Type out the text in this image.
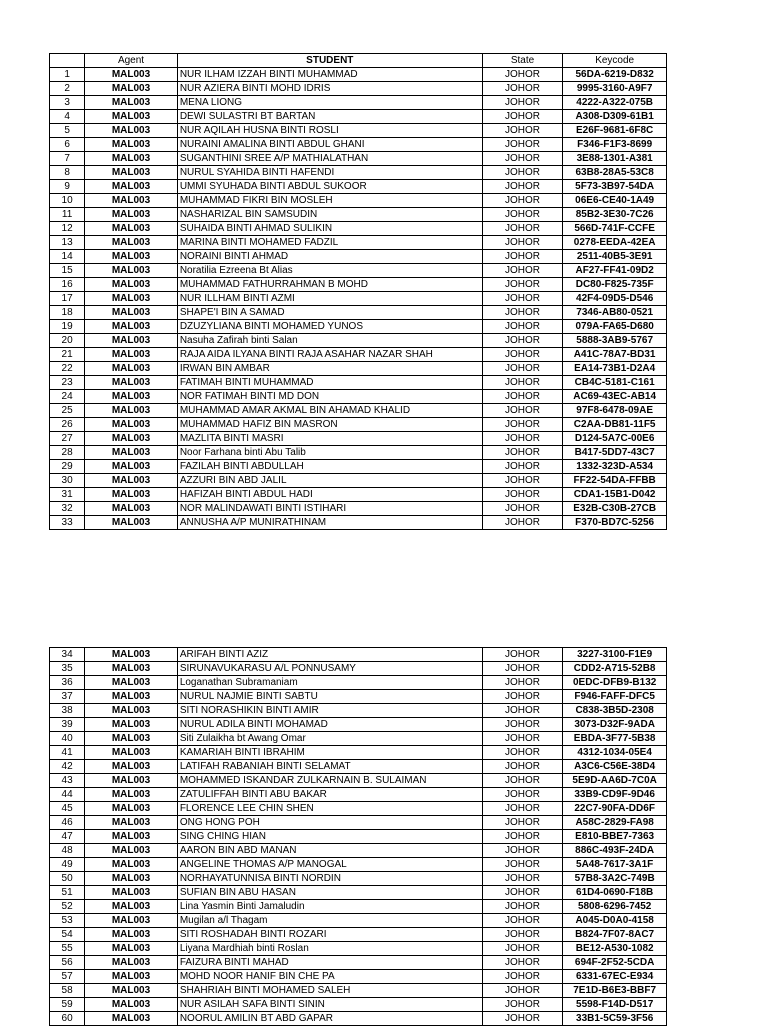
	Agent	STUDENT	State	Keycode
1	MAL003	NUR ILHAM IZZAH BINTI MUHAMMAD	JOHOR	56DA-6219-D832
2	MAL003	NUR AZIERA BINTI MOHD IDRIS	JOHOR	9995-3160-A9F7
3	MAL003	MENA LIONG	JOHOR	4222-A322-075B
4	MAL003	DEWI SULASTRI BT BARTAN	JOHOR	A308-D309-61B1
5	MAL003	NUR AQILAH HUSNA BINTI ROSLI	JOHOR	E26F-9681-6F8C
6	MAL003	NURAINI AMALINA BINTI ABDUL GHANI	JOHOR	F346-F1F3-8699
7	MAL003	SUGANTHINI SREE A/P MATHIALATHAN	JOHOR	3E88-1301-A381
8	MAL003	NURUL SYAHIDA BINTI HAFENDI	JOHOR	63B8-28A5-53C8
9	MAL003	UMMI SYUHADA BINTI ABDUL SUKOOR	JOHOR	5F73-3B97-54DA
10	MAL003	MUHAMMAD FIKRI BIN MOSLEH	JOHOR	06E6-CE40-1A49
11	MAL003	NASHARIZAL BIN SAMSUDIN	JOHOR	85B2-3E30-7C26
12	MAL003	SUHAIDA BINTI AHMAD SULIKIN	JOHOR	566D-741F-CCFE
13	MAL003	MARINA BINTI MOHAMED FADZIL	JOHOR	0278-EEDA-42EA
14	MAL003	NORAINI BINTI AHMAD	JOHOR	2511-40B5-3E91
15	MAL003	Noratilia Ezreena Bt Alias	JOHOR	AF27-FF41-09D2
16	MAL003	MUHAMMAD FATHURRAHMAN B MOHD	JOHOR	DC80-F825-735F
17	MAL003	NUR ILLHAM BINTI AZMI	JOHOR	42F4-09D5-D546
18	MAL003	SHAPE'I BIN A SAMAD	JOHOR	7346-AB80-0521
19	MAL003	DZUZYLIANA BINTI MOHAMED YUNOS	JOHOR	079A-FA65-D680
20	MAL003	Nasuha Zafirah binti Salan	JOHOR	5888-3AB9-5767
21	MAL003	RAJA AIDA ILYANA BINTI RAJA ASAHAR NAZAR SHAH	JOHOR	A41C-78A7-BD31
22	MAL003	IRWAN BIN AMBAR	JOHOR	EA14-73B1-D2A4
23	MAL003	FATIMAH BINTI MUHAMMAD	JOHOR	CB4C-5181-C161
24	MAL003	NOR FATIMAH BINTI MD DON	JOHOR	AC69-43EC-AB14
25	MAL003	MUHAMMAD AMAR AKMAL BIN AHAMAD KHALID	JOHOR	97F8-6478-09AE
26	MAL003	MUHAMMAD HAFIZ BIN MASRON	JOHOR	C2AA-DB81-11F5
27	MAL003	MAZLITA BINTI MASRI	JOHOR	D124-5A7C-00E6
28	MAL003	Noor Farhana binti Abu Talib	JOHOR	B417-5DD7-43C7
29	MAL003	FAZILAH BINTI ABDULLAH	JOHOR	1332-323D-A534
30	MAL003	AZZURI BIN ABD JALIL	JOHOR	FF22-54DA-FFBB
31	MAL003	HAFIZAH BINTI ABDUL HADI	JOHOR	CDA1-15B1-D042
32	MAL003	NOR MALINDAWATI BINTI ISTIHARI	JOHOR	E32B-C30B-27CB
33	MAL003	ANNUSHA A/P MUNIRATHINAM	JOHOR	F370-BD7C-5256
34	MAL003	ARIFAH BINTI AZIZ	JOHOR	3227-3100-F1E9
35	MAL003	SIRUNAVUKARASU A/L PONNUSAMY	JOHOR	CDD2-A715-52B8
36	MAL003	Loganathan Subramaniam	JOHOR	0EDC-DFB9-B132
37	MAL003	NURUL NAJMIE BINTI SABTU	JOHOR	F946-FAFF-DFC5
38	MAL003	SITI NORASHIKIN BINTI AMIR	JOHOR	C838-3B5D-2308
39	MAL003	NURUL ADILA BINTI MOHAMAD	JOHOR	3073-D32F-9ADA
40	MAL003	Siti Zulaikha bt Awang Omar	JOHOR	EBDA-3F77-5B38
41	MAL003	KAMARIAH BINTI IBRAHIM	JOHOR	4312-1034-05E4
42	MAL003	LATIFAH RABANIAH BINTI SELAMAT	JOHOR	A3C6-C56E-38D4
43	MAL003	MOHAMMED ISKANDAR ZULKARNAIN B. SULAIMAN	JOHOR	5E9D-AA6D-7C0A
44	MAL003	ZATULIFFAH BINTI ABU BAKAR	JOHOR	33B9-CD9F-9D46
45	MAL003	FLORENCE LEE CHIN SHEN	JOHOR	22C7-90FA-DD6F
46	MAL003	ONG HONG POH	JOHOR	A58C-2829-FA98
47	MAL003	SING CHING HIAN	JOHOR	E810-BBE7-7363
48	MAL003	AARON BIN ABD MANAN	JOHOR	886C-493F-24DA
49	MAL003	ANGELINE THOMAS A/P MANOGAL	JOHOR	5A48-7617-3A1F
50	MAL003	NORHAYATUNNISA BINTI NORDIN	JOHOR	57B8-3A2C-749B
51	MAL003	SUFIAN BIN ABU HASAN	JOHOR	61D4-0690-F18B
52	MAL003	Lina Yasmin Binti Jamaludin	JOHOR	5808-6296-7452
53	MAL003	Mugilan a/l Thagam	JOHOR	A045-D0A0-4158
54	MAL003	SITI ROSHADAH BINTI ROZARI	JOHOR	B824-7F07-8AC7
55	MAL003	Liyana Mardhiah binti Roslan	JOHOR	BE12-A530-1082
56	MAL003	FAIZURA BINTI MAHAD	JOHOR	694F-2F52-5CDA
57	MAL003	MOHD NOOR HANIF BIN CHE PA	JOHOR	6331-67EC-E934
58	MAL003	SHAHRIAH BINTI MOHAMED SALEH	JOHOR	7E1D-B6E3-BBF7
59	MAL003	NUR ASILAH SAFA BINTI SININ	JOHOR	5598-F14D-D517
60	MAL003	NOORUL AMILIN BT ABD GAPAR	JOHOR	33B1-5C59-3F56
